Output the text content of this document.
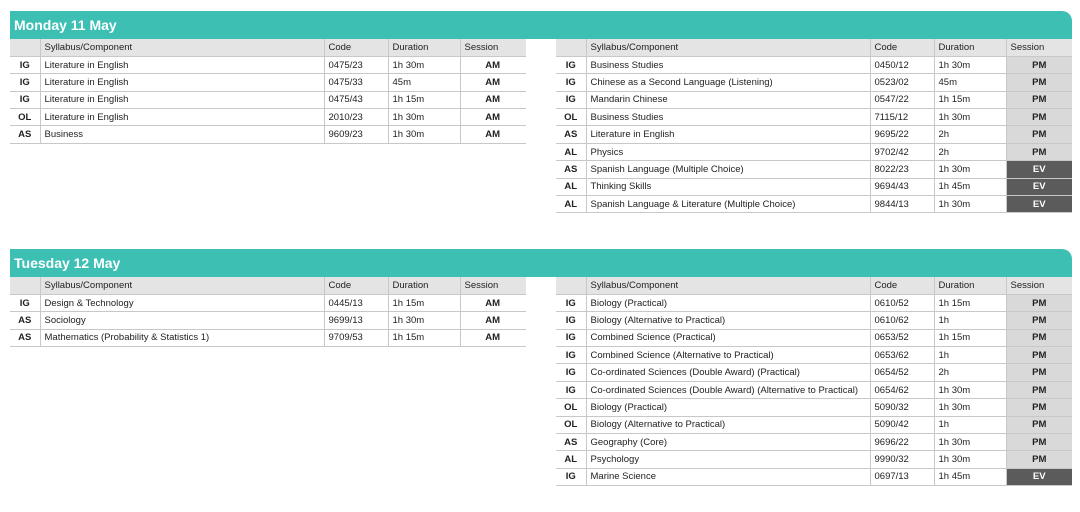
Monday 11 May
	Syllabus/Component	Code	Duration	Session
IG	Literature in English	0475/23	1h 30m	AM
IG	Literature in English	0475/33	45m	AM
IG	Literature in English	0475/43	1h 15m	AM
OL	Literature in English	2010/23	1h 30m	AM
AS	Business	9609/23	1h 30m	AM
	Syllabus/Component	Code	Duration	Session
IG	Business Studies	0450/12	1h 30m	PM
IG	Chinese as a Second Language (Listening)	0523/02	45m	PM
IG	Mandarin Chinese	0547/22	1h 15m	PM
OL	Business Studies	7115/12	1h 30m	PM
AS	Literature in English	9695/22	2h	PM
AL	Physics	9702/42	2h	PM
AS	Spanish Language (Multiple Choice)	8022/23	1h 30m	EV
AL	Thinking Skills	9694/43	1h 45m	EV
AL	Spanish Language & Literature (Multiple Choice)	9844/13	1h 30m	EV
Tuesday 12 May
	Syllabus/Component	Code	Duration	Session
IG	Design & Technology	0445/13	1h 15m	AM
AS	Sociology	9699/13	1h 30m	AM
AS	Mathematics (Probability & Statistics 1)	9709/53	1h 15m	AM
	Syllabus/Component	Code	Duration	Session
IG	Biology (Practical)	0610/52	1h 15m	PM
IG	Biology (Alternative to Practical)	0610/62	1h	PM
IG	Combined Science (Practical)	0653/52	1h 15m	PM
IG	Combined Science (Alternative to Practical)	0653/62	1h	PM
IG	Co-ordinated Sciences (Double Award) (Practical)	0654/52	2h	PM
IG	Co-ordinated Sciences (Double Award) (Alternative to Practical)	0654/62	1h 30m	PM
OL	Biology (Practical)	5090/32	1h 30m	PM
OL	Biology (Alternative to Practical)	5090/42	1h	PM
AS	Geography (Core)	9696/22	1h 30m	PM
AL	Psychology	9990/32	1h 30m	PM
IG	Marine Science	0697/13	1h 45m	EV
